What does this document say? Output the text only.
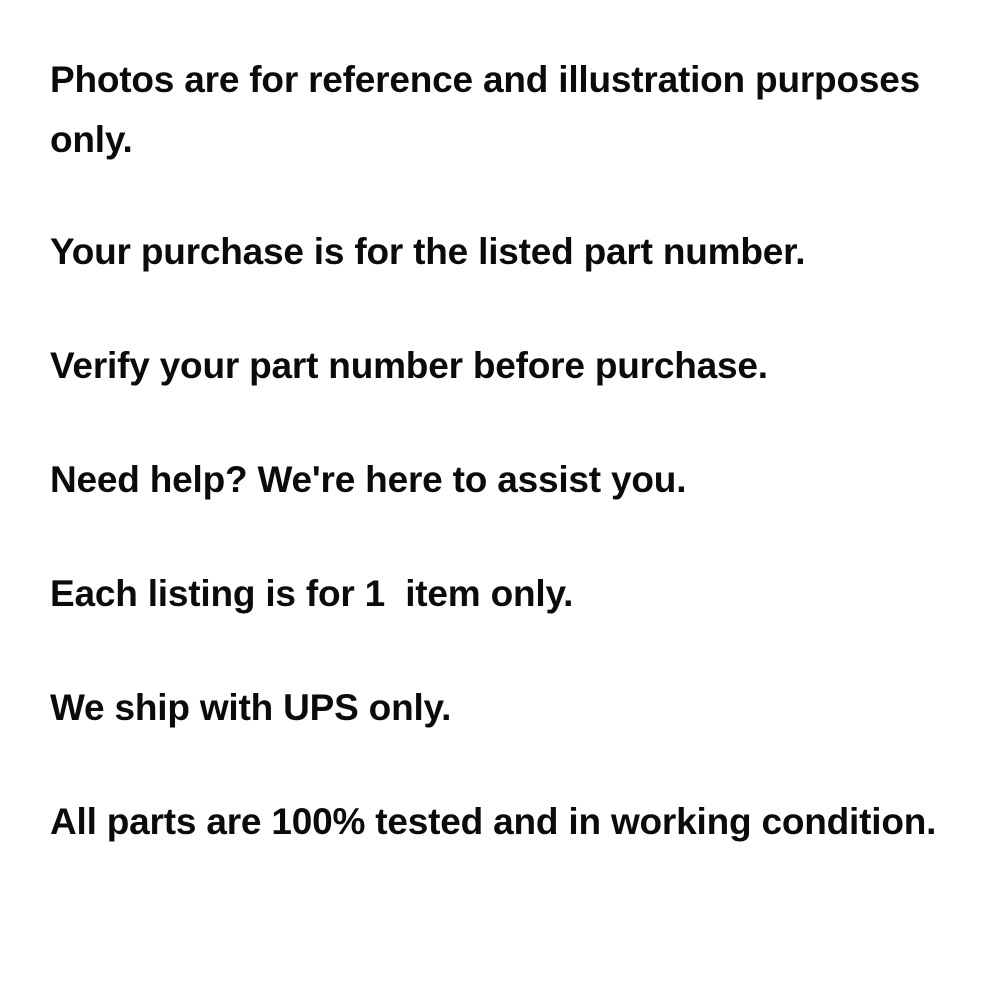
Photos are for reference and illustration purposes only.

Your purchase is for the listed part number.

Verify your part number before purchase.

Need help? We're here to assist you.

Each listing is for 1  item only.

We ship with UPS only.

All parts are 100% tested and in working condition.
